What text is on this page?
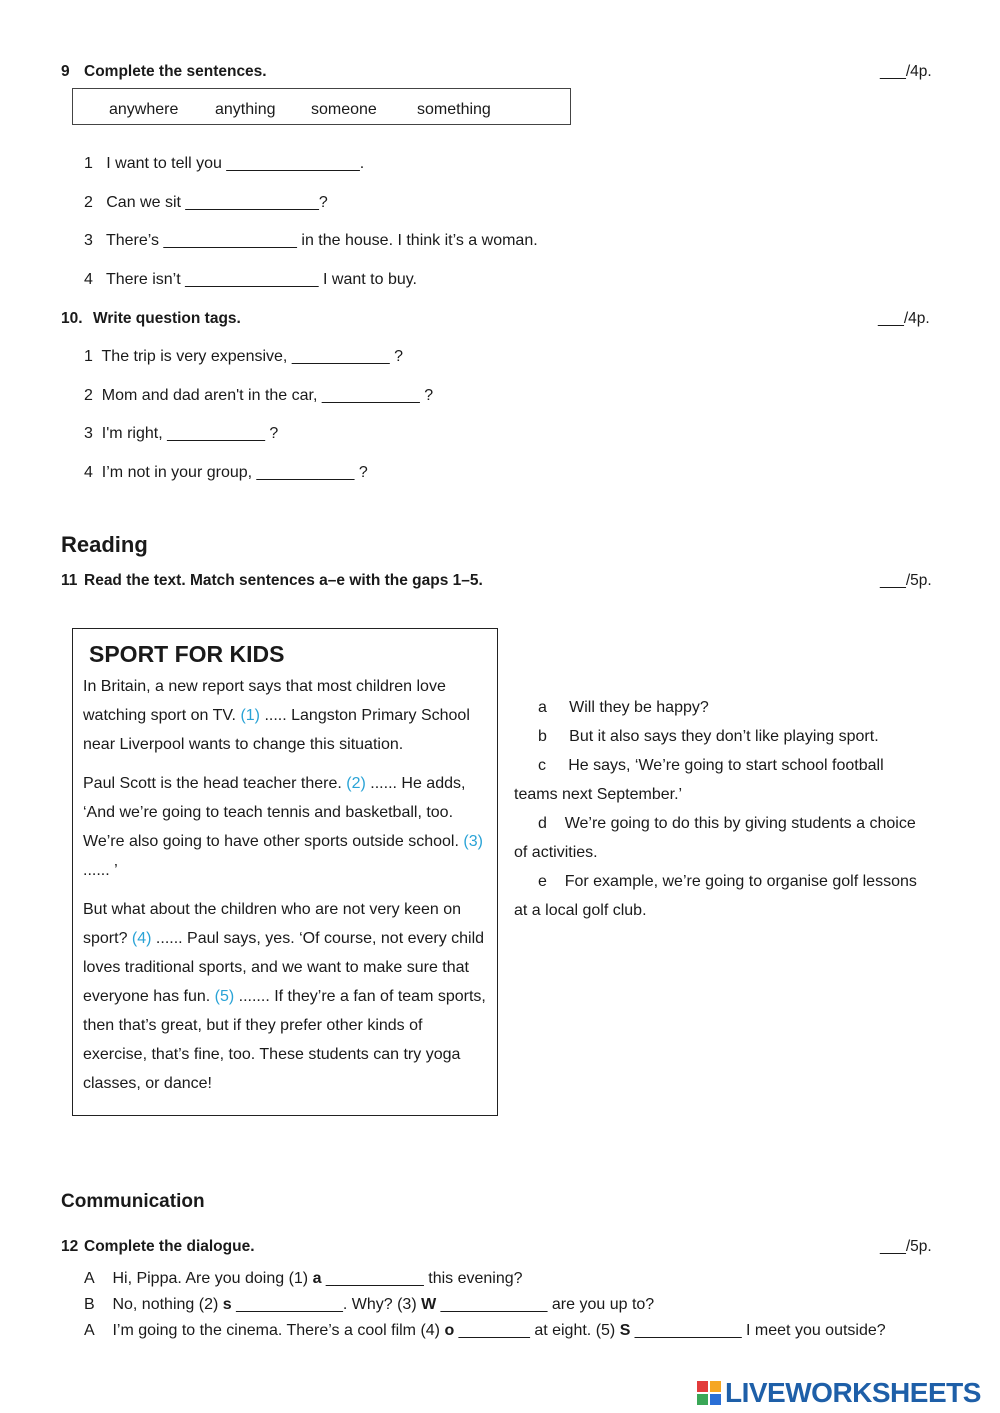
9 Complete the sentences.	___/4p.
anywhere anything someone	something
1 I want to tell you _______________.
2 Can we sit _______________?
3 There’s _______________ in the house. I think it’s a woman.
4 There isn’t _______________ I want to buy.
10. Write question tags.	___/4p.
1 The trip is very expensive, ___________ ?
2 Mom and dad aren't in the car, ___________ ?
3 I'm right, ___________ ?
4 I’m not in your group, ___________ ?
Reading
11 Read the text. Match sentences a–e with the gaps 1–5.	___/5p.
SPORT FOR KIDS
In Britain, a new report says that most children love
watching sport on TV. (1) ..... Langston Primary School
near Liverpool wants to change this situation.
Paul Scott is the head teacher there. (2) ...... He adds,
‘And we’re going to teach tennis and basketball, too.
We’re also going to have other sports outside school. (3)
...... ’
But what about the children who are not very keen on
sport? (4) ...... Paul says, yes. ‘Of course, not every child
loves traditional sports, and we want to make sure that
everyone has fun. (5) ....... If they’re a fan of team sports,
then that’s great, but if they prefer other kinds of
exercise, that’s fine, too. These students can try yoga
classes, or dance!
a Will they be happy?
b But it also says they don’t like playing sport.
c He says, ‘We’re going to start school football
teams next September.’
d We’re going to do this by giving students a choice
of activities.
e For example, we’re going to organise golf lessons
at a local golf club.
Communication
12 Complete the dialogue.	___/5p.
A Hi, Pippa. Are you doing (1) a ___________ this evening?
B No, nothing (2) s ____________. Why? (3) W ____________ are you up to?
A I’m going to the cinema. There’s a cool film (4) o ________ at eight. (5) S ____________ I meet you outside?
LIVEWORKSHEETS
